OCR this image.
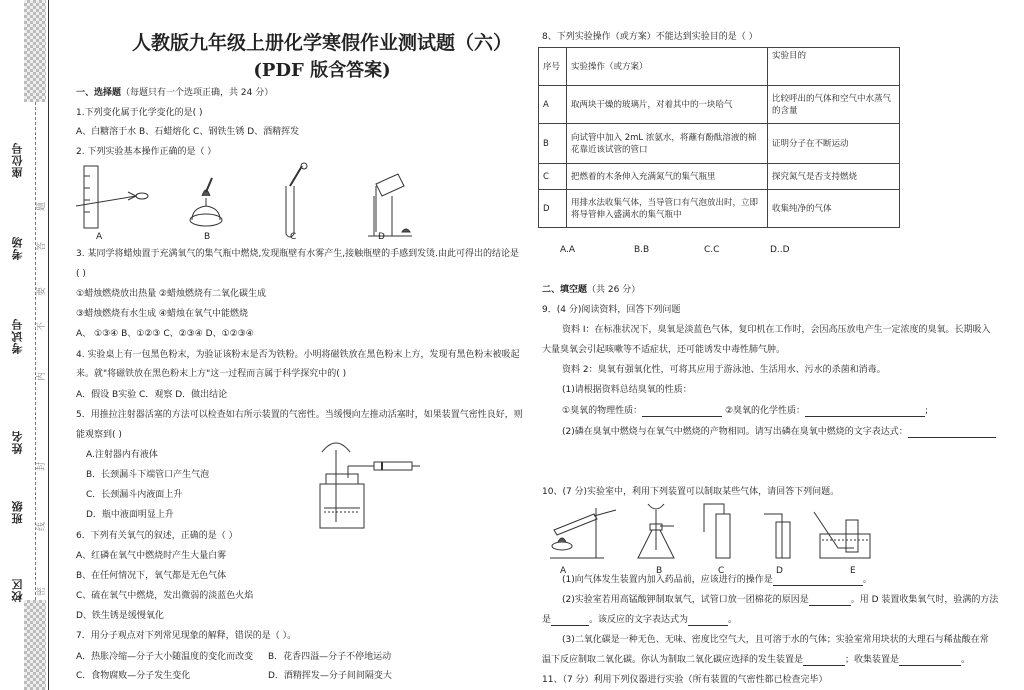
座位号
考场
考试号
姓名
班级
校区
封
线
内
不
要
答
题
密
人教版九年级上册化学寒假作业测试题（六）
(PDF 版含答案)
一、选择题（每题只有一个选项正确，共 24 分）
1.下列变化属于化学变化的是( )
A、白糖溶于水 B、石蜡熔化 C、钢铁生锈 D、酒精挥发
2. 下列实验基本操作正确的是（ ）
A	B	C	D
3. 某同学将蜡烛置于充满氧气的集气瓶中燃烧,发现瓶壁有水雾产生,接触瓶壁的手感到发烫.由此可得出的结论是
( )
①蜡烛燃烧放出热量 ②蜡烛燃烧有二氧化碳生成
③蜡烛燃烧有水生成 ④蜡烛在氧气中能燃烧
A、 ①③④ B、①②③ C、②③④ D、①②③④
4. 实验桌上有一包黑色粉末，为验证该粉末是否为铁粉。小明将磁铁放在黑色粉末上方，发现有黑色粉末被吸起
来。就"将磁铁放在黑色粉末上方"这一过程而言属于科学探究中的( )
A．假设 B实验 C．观察 D．做出结论
5．用推拉注射器活塞的方法可以检查如右所示装置的气密性。当缓慢向左推动活塞时，如果装置气密性良好，则
能观察到( )
A.注射器内有液体
B．长颈漏斗下端管口产生气泡
C．长颈漏斗内液面上升
D．瓶中液面明显上升
6．下列有关氧气的叙述，正确的是（ ）
A、红磷在氧气中燃烧时产生大量白雾
B、在任何情况下，氧气都是无色气体
C、硫在氧气中燃烧，发出微弱的淡蓝色火焰
D、铁生锈是缓慢氧化
7．用分子观点对下列常见现象的解释，错误的是（ ）。
A．热胀冷缩—分子大小随温度的变化而改变 B．花香四溢—分子不停地运动
C．食物腐败—分子发生变化	D．酒精挥发—分子间间隔变大
8、下列实验操作（或方案）不能达到实验目的是（ ）
序号	实验操作（或方案）	实验目的
A	取两块干燥的玻璃片，对着其中的一块哈气	比较呼出的气体和空气中水蒸气的含量
B	向试管中加入 2mL 浓氨水，将蘸有酚酞溶液的棉花靠近该试管的管口	证明分子在不断运动
C	把燃着的木条伸入充满氮气的集气瓶里	探究氮气是否支持燃烧
D	用排水法收集气体，当导管口有气泡放出时，立即将导管伸入盛满水的集气瓶中	收集纯净的气体
A.A	B.B	C.C	D..D
二、填空题（共 26 分）
9．(4 分)阅读资料，回答下列问题
资料 I：在标准状况下，臭氧是淡蓝色气体，复印机在工作时，会因高压放电产生一定浓度的臭氧。长期吸入
大量臭氧会引起咳嗽等不适症状，还可能诱发中毒性肺气肿。
资料 2：臭氧有强氧化性，可将其应用于游泳池、生活用水、污水的杀菌和消毒。
(1)请根据资料总结臭氧的性质：
①臭氧的物理性质：	②臭氧的化学性质：	;
(2)磷在臭氧中燃烧与在氧气中燃烧的产物相同。请写出磷在臭氧中燃烧的文字表达式：
10、(7 分)实验室中，利用下列装置可以制取某些气体，请回答下列问题。
A	B	C	D	E
(1)向气体发生装置内加入药品前，应该进行的操作是	。
(2)实验室若用高锰酸钾制取氧气，试管口放一团棉花的原因是	。用 D 装置收集氧气时，验满的方法
是	。该反应的文字表达式为	。
(3)二氧化碳是一种无色、无味、密度比空气大，且可溶于水的气体；实验室常用块状的大理石与稀盐酸在常
温下反应制取二氧化碳。你认为制取二氧化碳应选择的发生装置是	；收集装置是	。
11、（7 分）利用下列仪器进行实验（所有装置的气密性都已检查完毕）
